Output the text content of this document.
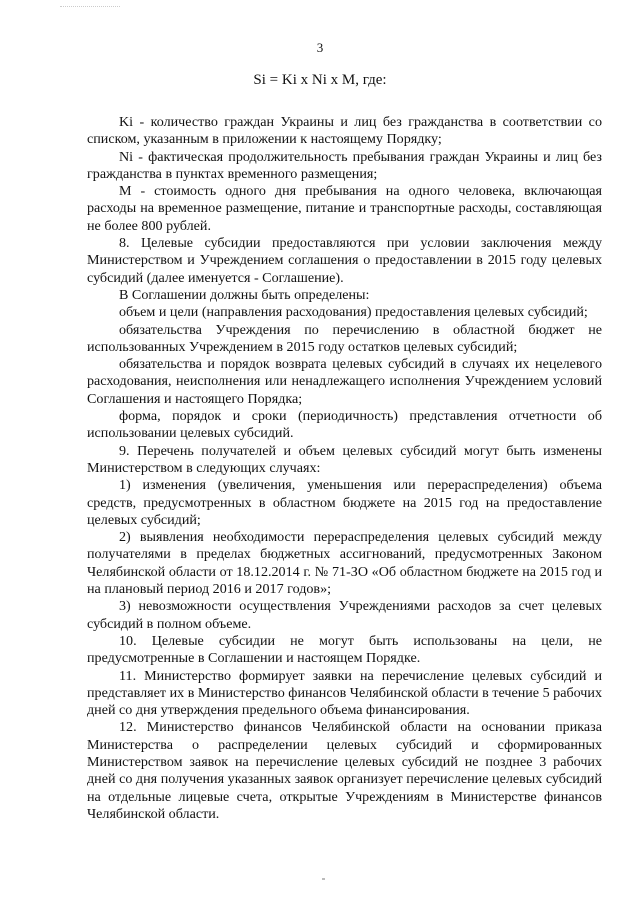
3
Si = Ki x Ni x M, где:

Ki - количество граждан Украины и лиц без гражданства в соответствии со списком, указанным в приложении к настоящему Порядку;

Ni - фактическая продолжительность пребывания граждан Украины и лиц без гражданства в пунктах временного размещения;

M - стоимость одного дня пребывания на одного человека, включающая расходы на временное размещение, питание и транспортные расходы, составляющая не более 800 рублей.

8. Целевые субсидии предоставляются при условии заключения между Министерством и Учреждением соглашения о предоставлении в 2015 году целевых субсидий (далее именуется - Соглашение).

В Соглашении должны быть определены:

объем и цели (направления расходования) предоставления целевых субсидий;

обязательства Учреждения по перечислению в областной бюджет не использованных Учреждением в 2015 году остатков целевых субсидий;

обязательства и порядок возврата целевых субсидий в случаях их нецелевого расходования, неисполнения или ненадлежащего исполнения Учреждением условий Соглашения и настоящего Порядка;

форма, порядок и сроки (периодичность) представления отчетности об использовании целевых субсидий.

9. Перечень получателей и объем целевых субсидий могут быть изменены Министерством в следующих случаях:

1) изменения (увеличения, уменьшения или перераспределения) объема средств, предусмотренных в областном бюджете на 2015 год на предоставление целевых субсидий;

2) выявления необходимости перераспределения целевых субсидий между получателями в пределах бюджетных ассигнований, предусмотренных Законом Челябинской области от 18.12.2014 г. № 71-ЗО «Об областном бюджете на 2015 год и на плановый период 2016 и 2017 годов»;

3) невозможности осуществления Учреждениями расходов за счет целевых субсидий в полном объеме.

10. Целевые субсидии не могут быть использованы на цели, не предусмотренные в Соглашении и настоящем Порядке.

11. Министерство формирует заявки на перечисление целевых субсидий и представляет их в Министерство финансов Челябинской области в течение 5 рабочих дней со дня утверждения предельного объема финансирования.

12. Министерство финансов Челябинской области на основании приказа Министерства о распределении целевых субсидий и сформированных Министерством заявок на перечисление целевых субсидий не позднее 3 рабочих дней со дня получения указанных заявок организует перечисление целевых субсидий на отдельные лицевые счета, открытые Учреждениям в Министерстве финансов Челябинской области.
